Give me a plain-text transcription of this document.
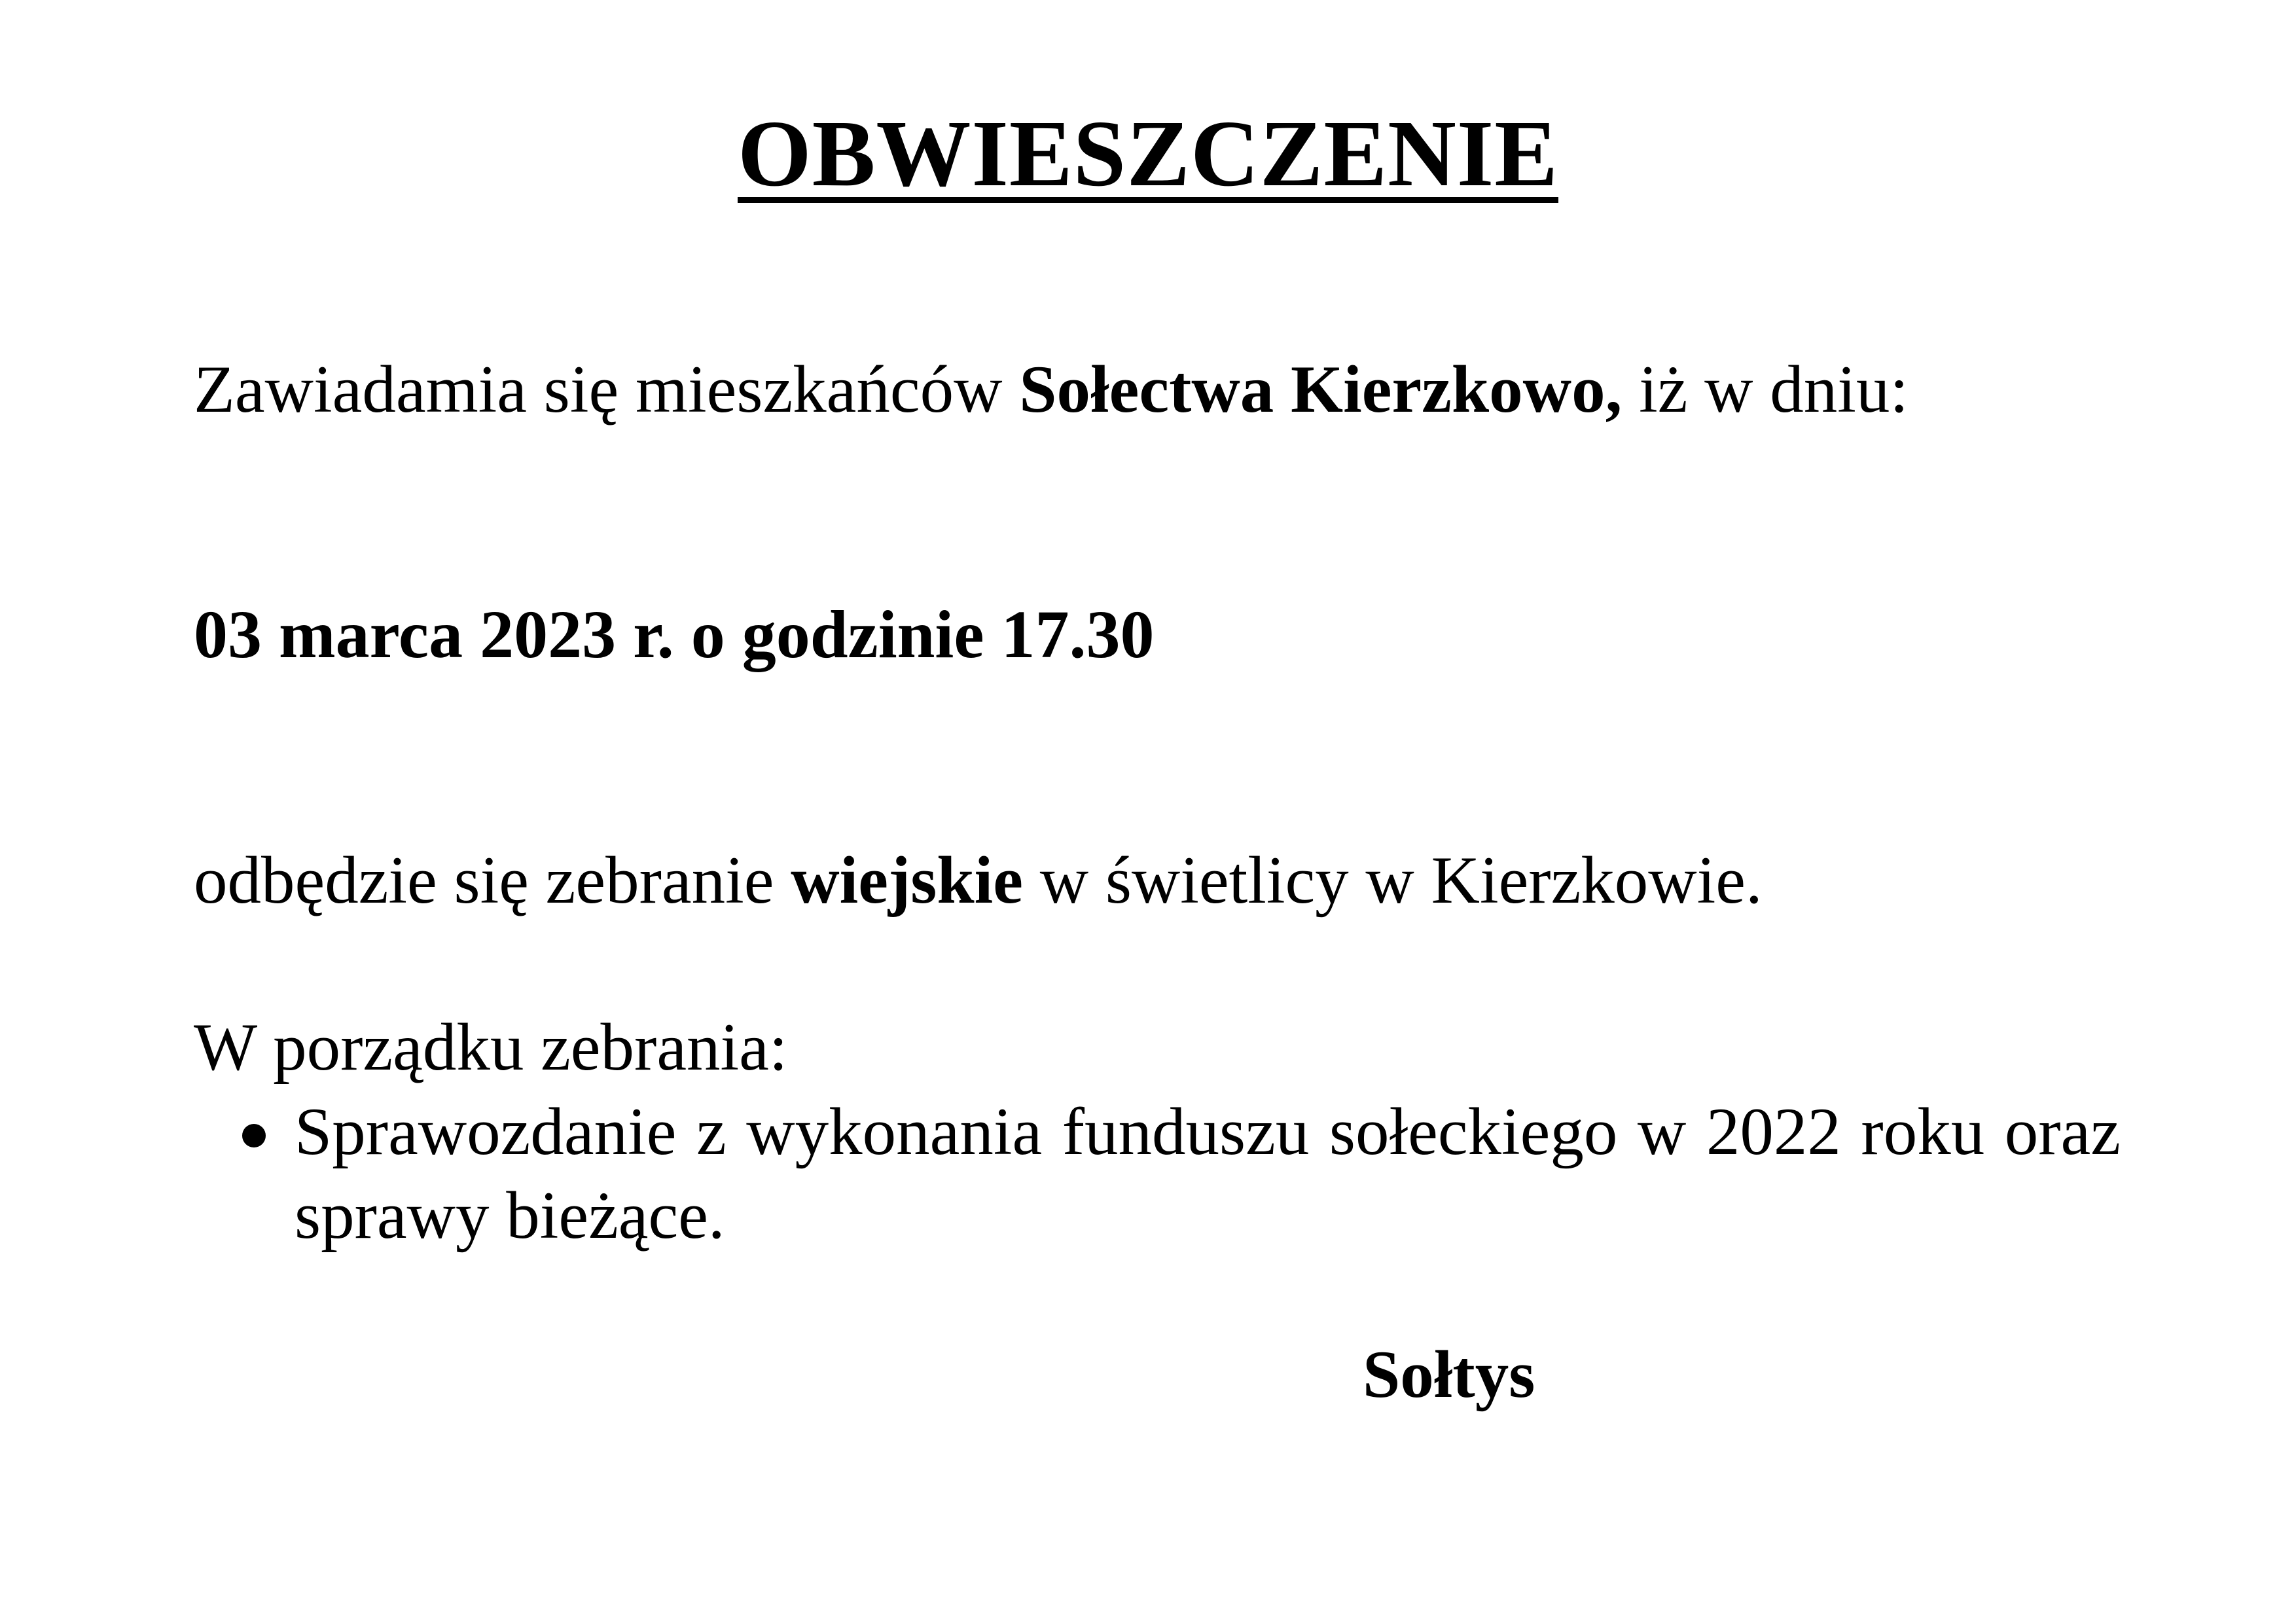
OBWIESZCZENIE
Zawiadamia się mieszkańców Sołectwa Kierzkowo, iż w dniu:
03 marca 2023 r. o godzinie 17.30
odbędzie się zebranie wiejskie w świetlicy w Kierzkowie.
W porządku zebrania:
Sprawozdanie z wykonania funduszu sołeckiego w 2022 roku oraz sprawy bieżące.
Sołtys
